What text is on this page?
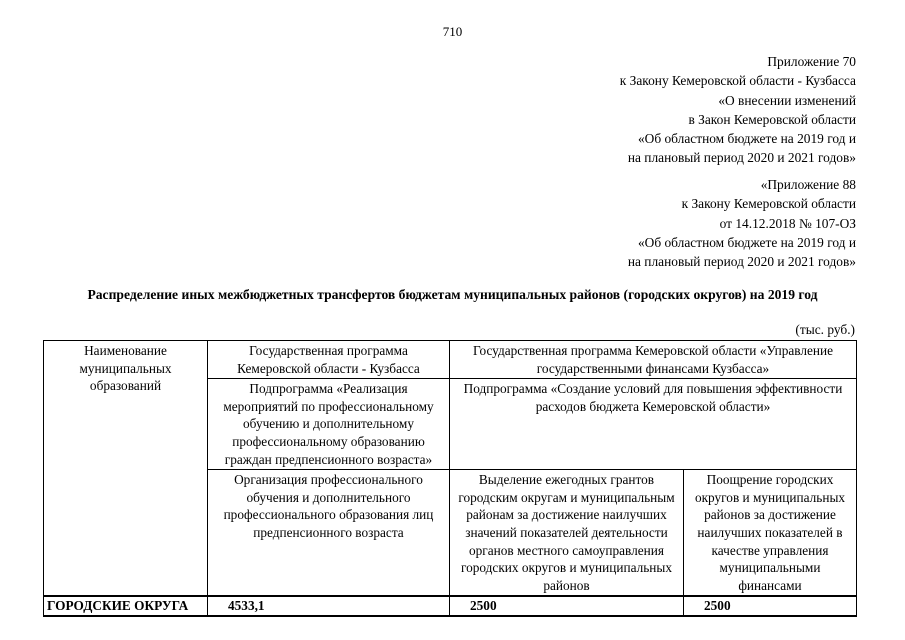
710
Приложение 70
к Закону Кемеровской области - Кузбасса
«О внесении изменений
в Закон Кемеровской области
«Об областном бюджете на 2019 год и
на плановый период 2020 и 2021 годов»
«Приложение 88
к Закону Кемеровской области
от 14.12.2018 № 107-ОЗ
«Об областном бюджете на 2019 год и
на плановый период 2020 и 2021 годов»
Распределение иных межбюджетных трансфертов бюджетам муниципальных районов (городских округов) на 2019 год
(тыс. руб.)
Наименование муниципальных образований	Государственная программа Кемеровской области - Кузбасса	Государственная программа Кемеровской области «Управление государственными финансами Кузбасса»	
	Подпрограмма «Реализация мероприятий по профессиональному обучению и дополнительному профессиональному образованию граждан предпенсионного возраста»	Подпрограмма «Создание условий для повышения эффективности расходов бюджета Кемеровской области»	
	Организация профессионального обучения и дополнительного профессионального образования лиц предпенсионного возраста	Выделение ежегодных грантов городским округам и муниципальным районам за достижение наилучших значений показателей деятельности органов местного самоуправления городских округов и муниципальных районов	Поощрение городских округов и муниципальных районов за достижение наилучших показателей в качестве управления муниципальными финансами
ГОРОДСКИЕ ОКРУГА	4533,1	2500	2500
